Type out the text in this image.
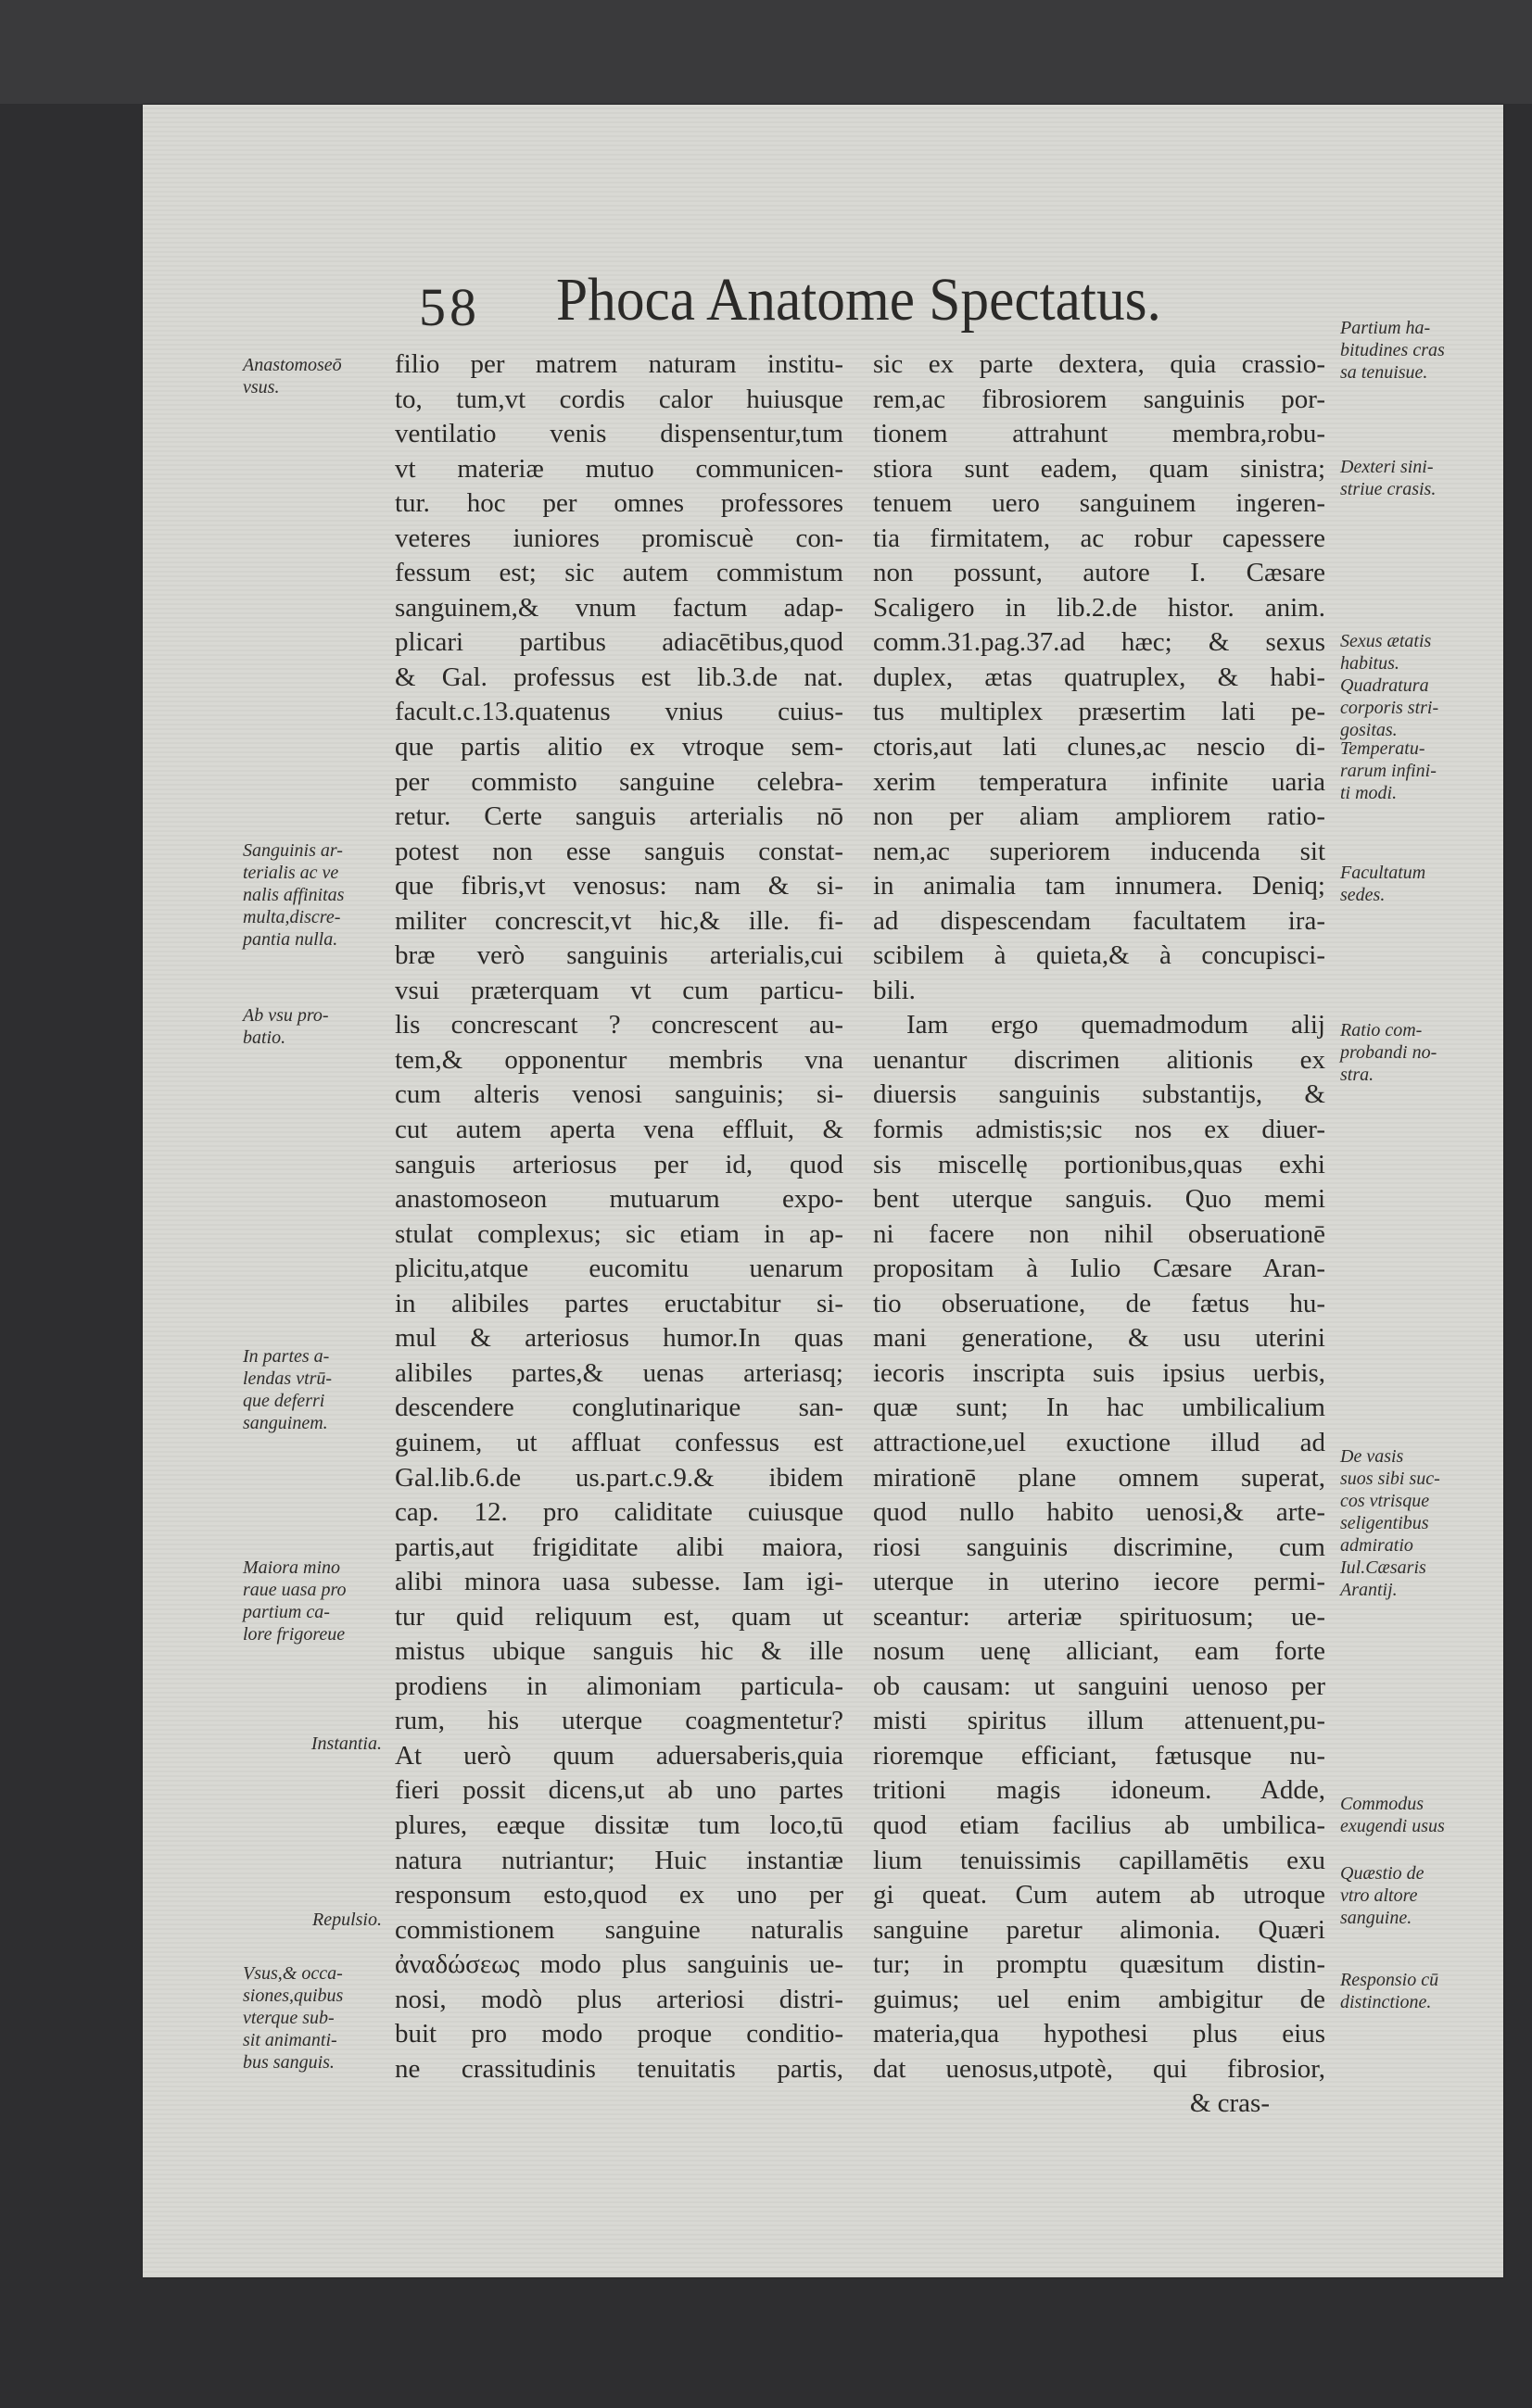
58 Phoca Anatome Spectatus.
filio per matrem naturam institu-
to, tum,vt cordis calor huiusque
ventilatio venis dispensentur,tum
vt materiæ mutuo communicen-
tur. hoc per omnes professores
veteres iuniores promiscuè con-
fessum est; sic autem commistum
sanguinem,& vnum factum adap-
plicari partibus adiacētibus,quod
& Gal. professus est lib.3.de nat.
facult.c.13.quatenus vnius cuius-
que partis alitio ex vtroque sem-
per commisto sanguine celebra-
retur. Certe sanguis arterialis nō
potest non esse sanguis constat-
que fibris,vt venosus: nam & si-
militer concrescit,vt hic,& ille. fi-
bræ verò sanguinis arterialis,cui
vsui præterquam vt cum particu-
lis concrescant ? concrescent au-
tem,& opponentur membris vna
cum alteris venosi sanguinis; si-
cut autem aperta vena effluit, &
sanguis arteriosus per id, quod
anastomoseon mutuarum expo-
stulat complexus; sic etiam in ap-
plicitu,atque eucomitu uenarum
in alibiles partes eructabitur si-
mul & arteriosus humor.In quas
alibiles partes,& uenas arteriasq;
descendere conglutinarique san-
guinem, ut affluat confessus est
Gal.lib.6.de us.part.c.9.& ibidem
cap. 12. pro caliditate cuiusque
partis,aut frigiditate alibi maiora,
alibi minora uasa subesse. Iam igi-
tur quid reliquum est, quam ut
mistus ubique sanguis hic & ille
prodiens in alimoniam particula-
rum, his uterque coagmentetur?
At uerò quum aduersaberis,quia
fieri possit dicens,ut ab uno partes
plures, eæque dissitæ tum loco,tū
natura nutriantur; Huic instantiæ
responsum esto,quod ex uno per
commistionem sanguine naturalis
ἀναδώσεως modo plus sanguinis ue-
nosi, modò plus arteriosi distri-
buit pro modo proque conditio-
ne crassitudinis tenuitatis partis,
sic ex parte dextera, quia crassio-
rem,ac fibrosiorem sanguinis por-
tionem attrahunt membra,robu-
stiora sunt eadem, quam sinistra;
tenuem uero sanguinem ingeren-
tia firmitatem, ac robur capessere
non possunt, autore I. Cæsare
Scaligero in lib.2.de histor. anim.
comm.31.pag.37.ad hæc; & sexus
duplex, ætas quatruplex, & habi-
tus multiplex præsertim lati pe-
ctoris,aut lati clunes,ac nescio di-
xerim temperatura infinite uaria
non per aliam ampliorem ratio-
nem,ac superiorem inducenda sit
in animalia tam innumera. Deniq;
ad dispescendam facultatem ira-
scibilem à quieta,& à concupisci-
bili.
Iam ergo quemadmodum alij
uenantur discrimen alitionis ex
diuersis sanguinis substantijs, &
formis admistis;sic nos ex diuer-
sis miscellę portionibus,quas exhi
bent uterque sanguis. Quo memi
ni facere non nihil obseruationē
propositam à Iulio Cæsare Aran-
tio obseruatione, de fætus hu-
mani generatione, & usu uterini
iecoris inscripta suis ipsius uerbis,
quæ sunt; In hac umbilicalium
attractione,uel exuctione illud ad
mirationē plane omnem superat,
quod nullo habito uenosi,& arte-
riosi sanguinis discrimine, cum
uterque in uterino iecore permi-
sceantur: arteriæ spirituosum; ue-
nosum uenę alliciant, eam forte
ob causam: ut sanguini uenoso per
misti spiritus illum attenuent,pu-
rioremque efficiant, fætusque nu-
tritioni magis idoneum. Adde,
quod etiam facilius ab umbilica-
lium tenuissimis capillamētis exu
gi queat. Cum autem ab utroque
sanguine paretur alimonia. Quæri
tur; in promptu quæsitum distin-
guimus; uel enim ambigitur de
materia,qua hypothesi plus eius
dat uenosus,utpotè, qui fibrosior,
& cras-
Anastomoseō
vsus.
Sanguinis ar-
terialis ac ve
nalis affinitas
multa,discre-
pantia nulla.
Ab vsu pro-
batio.
In partes a-
lendas vtrū-
que deferri
sanguinem.
Maiora mino
raue uasa pro
partium ca-
lore frigoreue
Instantia.
Repulsio.
Vsus,& occa-
siones,quibus
vterque sub-
sit animanti-
bus sanguis.
Partium ha-
bitudines cras
sa tenuisue.
Dexteri sini-
striue crasis.
Sexus ætatis
habitus.
Quadratura
corporis stri-
gositas.
Temperatu-
rarum infini-
ti modi.
Facultatum
sedes.
Ratio com-
probandi no-
stra.
De vasis
suos sibi suc-
cos vtrisque
seligentibus
admiratio
Iul.Cæsaris
Arantij.
Commodus
exugendi usus
Quæstio de
vtro altore
sanguine.
Responsio cū
distinctione.
